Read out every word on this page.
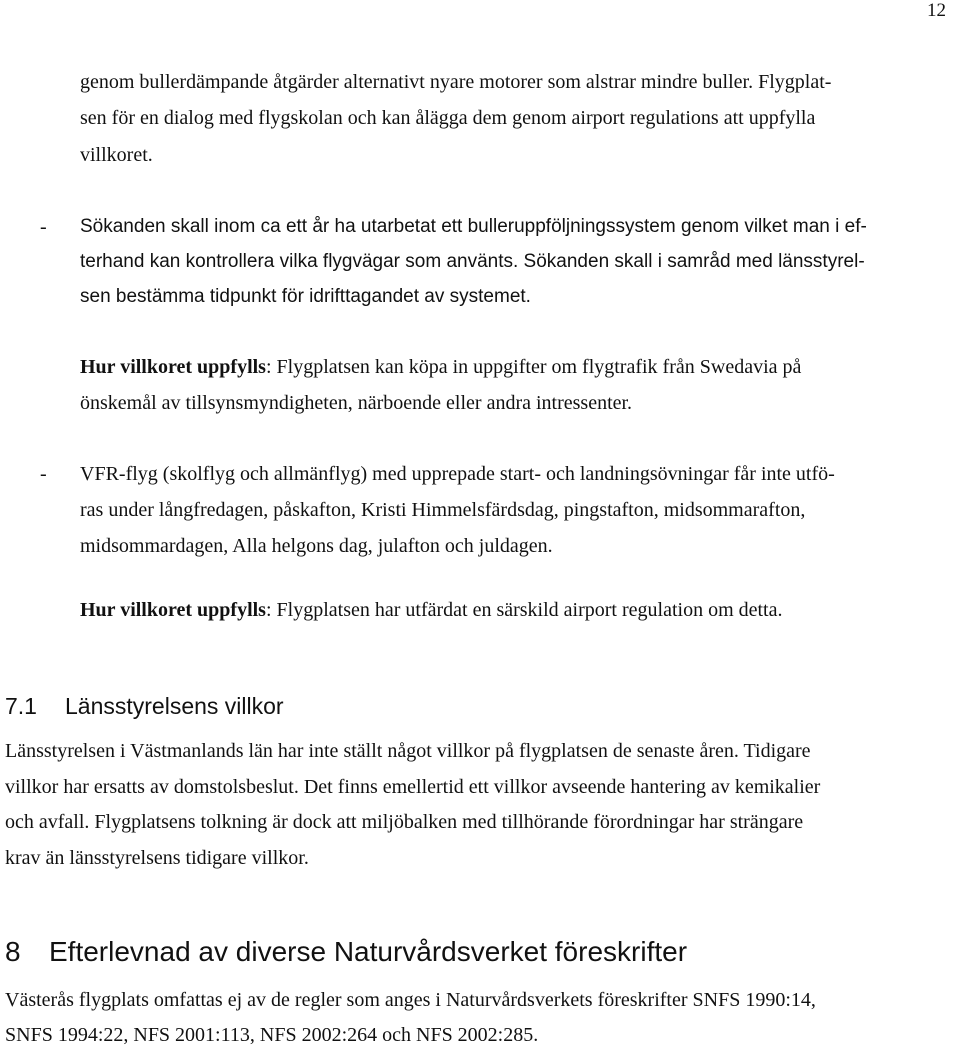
12
genom bullerdämpande åtgärder alternativt nyare motorer som alstrar mindre buller. Flygplat-
sen för en dialog med flygskolan och kan ålägga dem genom airport regulations att uppfylla
villkoret.
- Sökanden skall inom ca ett år ha utarbetat ett bulleruppföljningssystem genom vilket man i ef-
terhand kan kontrollera vilka flygvägar som använts. Sökanden skall i samråd med länsstyrel-
sen bestämma tidpunkt för idrifttagandet av systemet.
Hur villkoret uppfylls: Flygplatsen kan köpa in uppgifter om flygtrafik från Swedavia på
önskemål av tillsynsmyndigheten, närboende eller andra intressenter.
- VFR-flyg (skolflyg och allmänflyg) med upprepade start- och landningsövningar får inte utfö-
ras under långfredagen, påskafton, Kristi Himmelsfärdsdag, pingstafton, midsommarafton,
midsommardagen, Alla helgons dag, julafton och juldagen.
Hur villkoret uppfylls: Flygplatsen har utfärdat en särskild airport regulation om detta.
7.1 Länsstyrelsens villkor
Länsstyrelsen i Västmanlands län har inte ställt något villkor på flygplatsen de senaste åren. Tidigare
villkor har ersatts av domstolsbeslut. Det finns emellertid ett villkor avseende hantering av kemikalier
och avfall. Flygplatsens tolkning är dock att miljöbalken med tillhörande förordningar har strängare
krav än länsstyrelsens tidigare villkor.
8 Efterlevnad av diverse Naturvårdsverket föreskrifter
Västerås flygplats omfattas ej av de regler som anges i Naturvårdsverkets föreskrifter SNFS 1990:14,
SNFS 1994:22, NFS 2001:113, NFS 2002:264 och NFS 2002:285.
